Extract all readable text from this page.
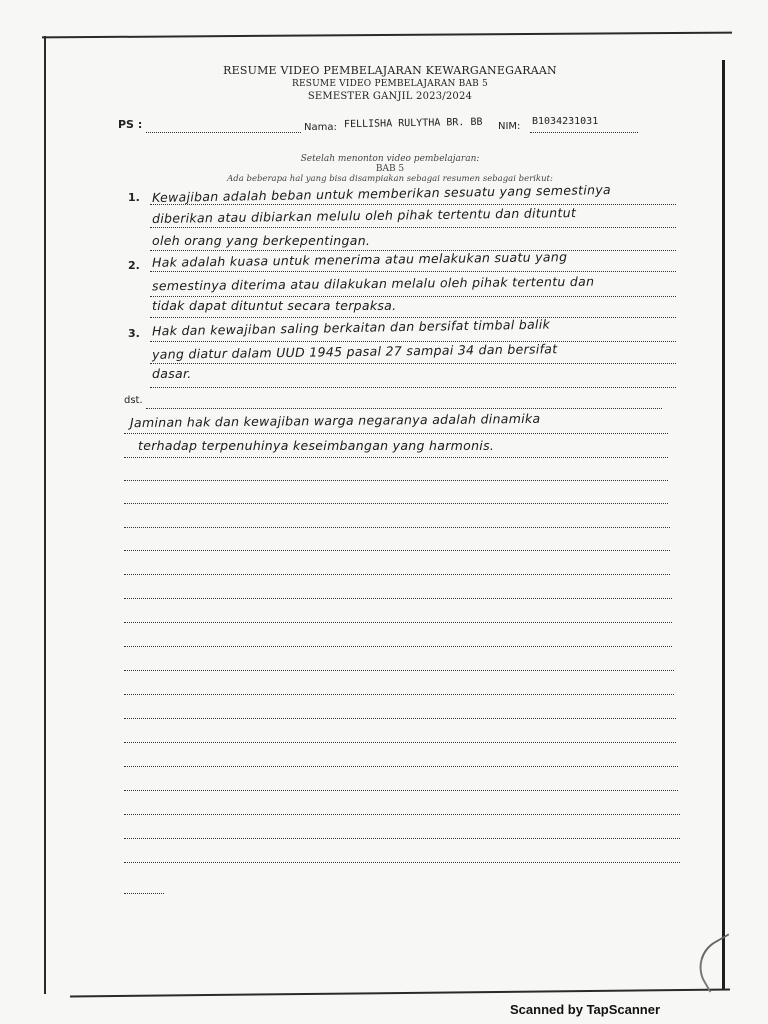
RESUME VIDEO PEMBELAJARAN KEWARGANEGARAAN
RESUME VIDEO PEMBELAJARAN BAB 5
SEMESTER GANJIL 2023/2024
PS :	Nama: FELLISHA RULYTHA BR. BB NIM: B1034231031
Setelah menonton video pembelajaran:
BAB 5
Ada beberapa hal yang bisa disampiakan sebagai resumen sebagai berikut:
1. Kewajiban adalah beban untuk memberikan sesuatu yang semestinya
diberikan atau dibiarkan melulu oleh pihak tertentu dan dituntut
oleh orang yang berkepentingan.
2. Hak adalah kuasa untuk menerima atau melakukan suatu yang
semestinya diterima atau dilakukan melalu oleh pihak tertentu dan
tidak dapat dituntut secara terpaksa.
3. Hak dan kewajiban saling berkaitan dan bersifat timbal balik
yang diatur dalam UUD 1945 pasal 27 sampai 34 dan bersifat
dasar.
dst.
Jaminan hak dan kewajiban warga negaranya adalah dinamika
terhadap terpenuhinya keseimbangan yang harmonis.
Scanned by TapScanner
